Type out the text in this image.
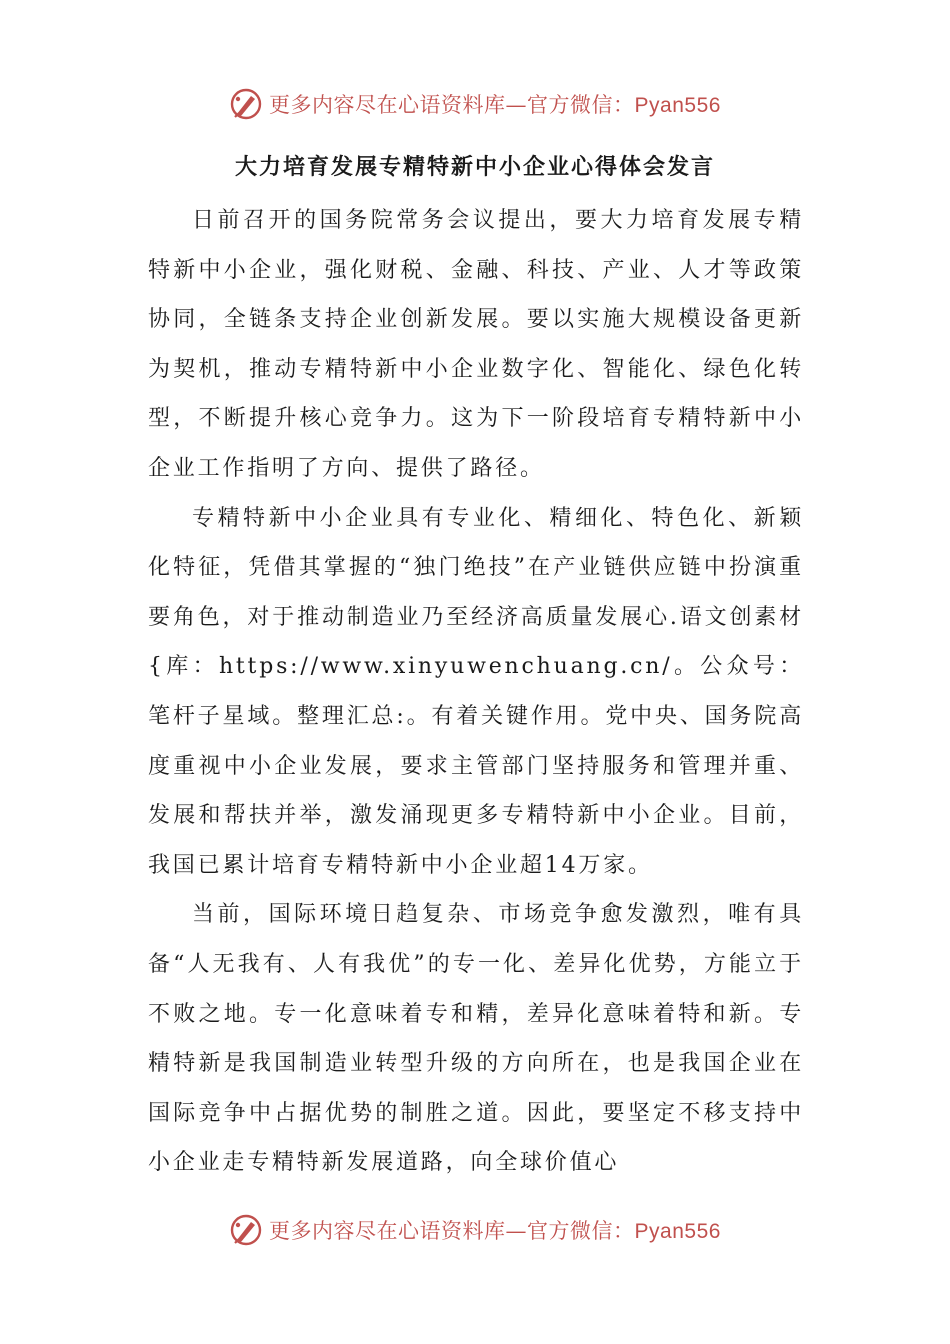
更多内容尽在心语资料库—官方微信：Pyan556
大力培育发展专精特新中小企业心得体会发言

日前召开的国务院常务会议提出，要大力培育发展专精特新中小企业，强化财税、金融、科技、产业、人才等政策协同，全链条支持企业创新发展。要以实施大规模设备更新为契机，推动专精特新中小企业数字化、智能化、绿色化转型，不断提升核心竞争力。这为下一阶段培育专精特新中小企业工作指明了方向、提供了路径。

专精特新中小企业具有专业化、精细化、特色化、新颖化特征，凭借其掌握的“独门绝技”在产业链供应链中扮演重要角色，对于推动制造业乃至经济高质量发展心.语文创素材{库：https://www.xinyuwenchuang.cn/。公众号：笔杆子星域。整理汇总:。有着关键作用。党中央、国务院高度重视中小企业发展，要求主管部门坚持服务和管理并重、发展和帮扶并举，激发涌现更多专精特新中小企业。目前，我国已累计培育专精特新中小企业超14万家。

当前，国际环境日趋复杂、市场竞争愈发激烈，唯有具备“人无我有、人有我优”的专一化、差异化优势，方能立于不败之地。专一化意味着专和精，差异化意味着特和新。专精特新是我国制造业转型升级的方向所在，也是我国企业在国际竞争中占据优势的制胜之道。因此，要坚定不移支持中小企业走专精特新发展道路，向全球价值心

更多内容尽在心语资料库—官方微信：Pyan556
